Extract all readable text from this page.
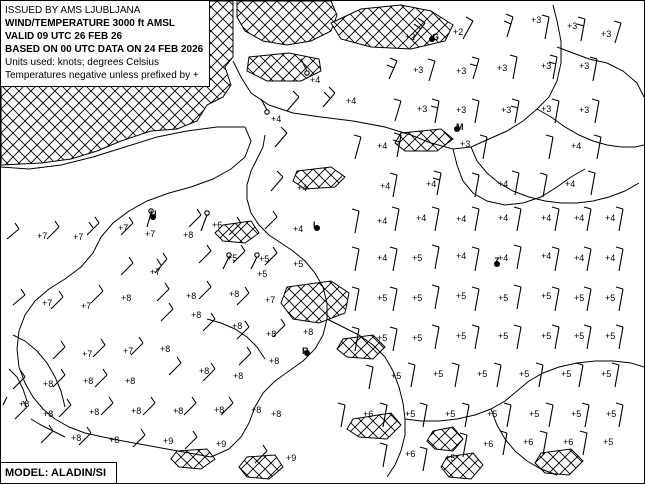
+2	+2
+3
+3
+3
+3	+3	+3	+3	+3
+4
+4
+3	+3	+3	+3	+3
+4
+3
+4	+4
+4	+4	+4	+4	+4
+7	+7
+7
+7
+6
+8
+4
+4	+4	+4	+4	+4	+4 +4
+5 +5	+5
+4	+5	+4	+4	+4	+4 +4
+7	+5
+7	+7
+8	+8	+8
+7	+5	+5	+5	+5	+5	+5 +5
+8
+8
+8	+8
+7	+8
+5	+5	+5	+5	+5	+5 +5
+7
+8
+8	+8
+8	+8	+8	+5	+5	+5	+5	+5	+5
+8
+8	+8	+8	+8	+8	+8 +8	+6	+5	+5	+5	+5	+5	+5
+8	+8	+9	+9
+9	+6	+5
+6	+6	+6	+5
G
M
U
L
Z
R
ISSUED BY AMS LJUBLJANA
WIND/TEMPERATURE 3000 ft AMSL
VALID 09 UTC 26 FEB 26
BASED ON 00 UTC DATA ON 24 FEB 2026
Units used: knots; degrees Celsius
Temperatures negative unless prefixed by +
MODEL: ALADIN/SI
